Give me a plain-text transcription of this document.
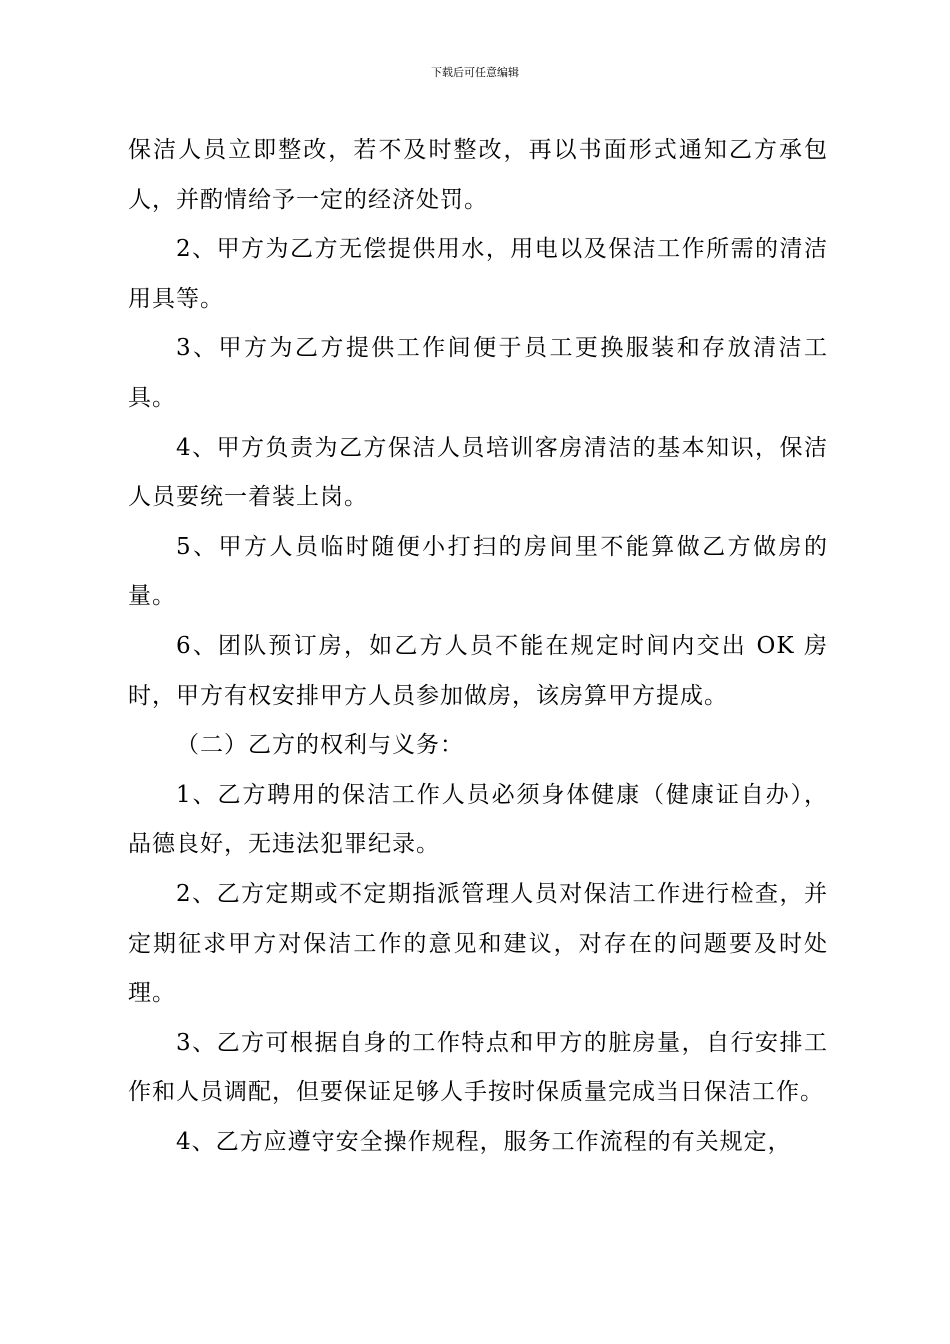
下载后可任意编辑

保洁人员立即整改，若不及时整改，再以书面形式通知乙方承包人，并酌情给予一定的经济处罚。

2、甲方为乙方无偿提供用水，用电以及保洁工作所需的清洁用具等。

3、甲方为乙方提供工作间便于员工更换服装和存放清洁工具。

4、甲方负责为乙方保洁人员培训客房清洁的基本知识，保洁人员要统一着装上岗。

5、甲方人员临时随便小打扫的房间里不能算做乙方做房的量。

6、团队预订房，如乙方人员不能在规定时间内交出 OK 房时，甲方有权安排甲方人员参加做房，该房算甲方提成。

（二）乙方的权利与义务：

1、乙方聘用的保洁工作人员必须身体健康（健康证自办），品德良好，无违法犯罪纪录。

2、乙方定期或不定期指派管理人员对保洁工作进行检查，并定期征求甲方对保洁工作的意见和建议，对存在的问题要及时处理。

3、乙方可根据自身的工作特点和甲方的脏房量，自行安排工作和人员调配，但要保证足够人手按时保质量完成当日保洁工作。

4、乙方应遵守安全操作规程，服务工作流程的有关规定，
